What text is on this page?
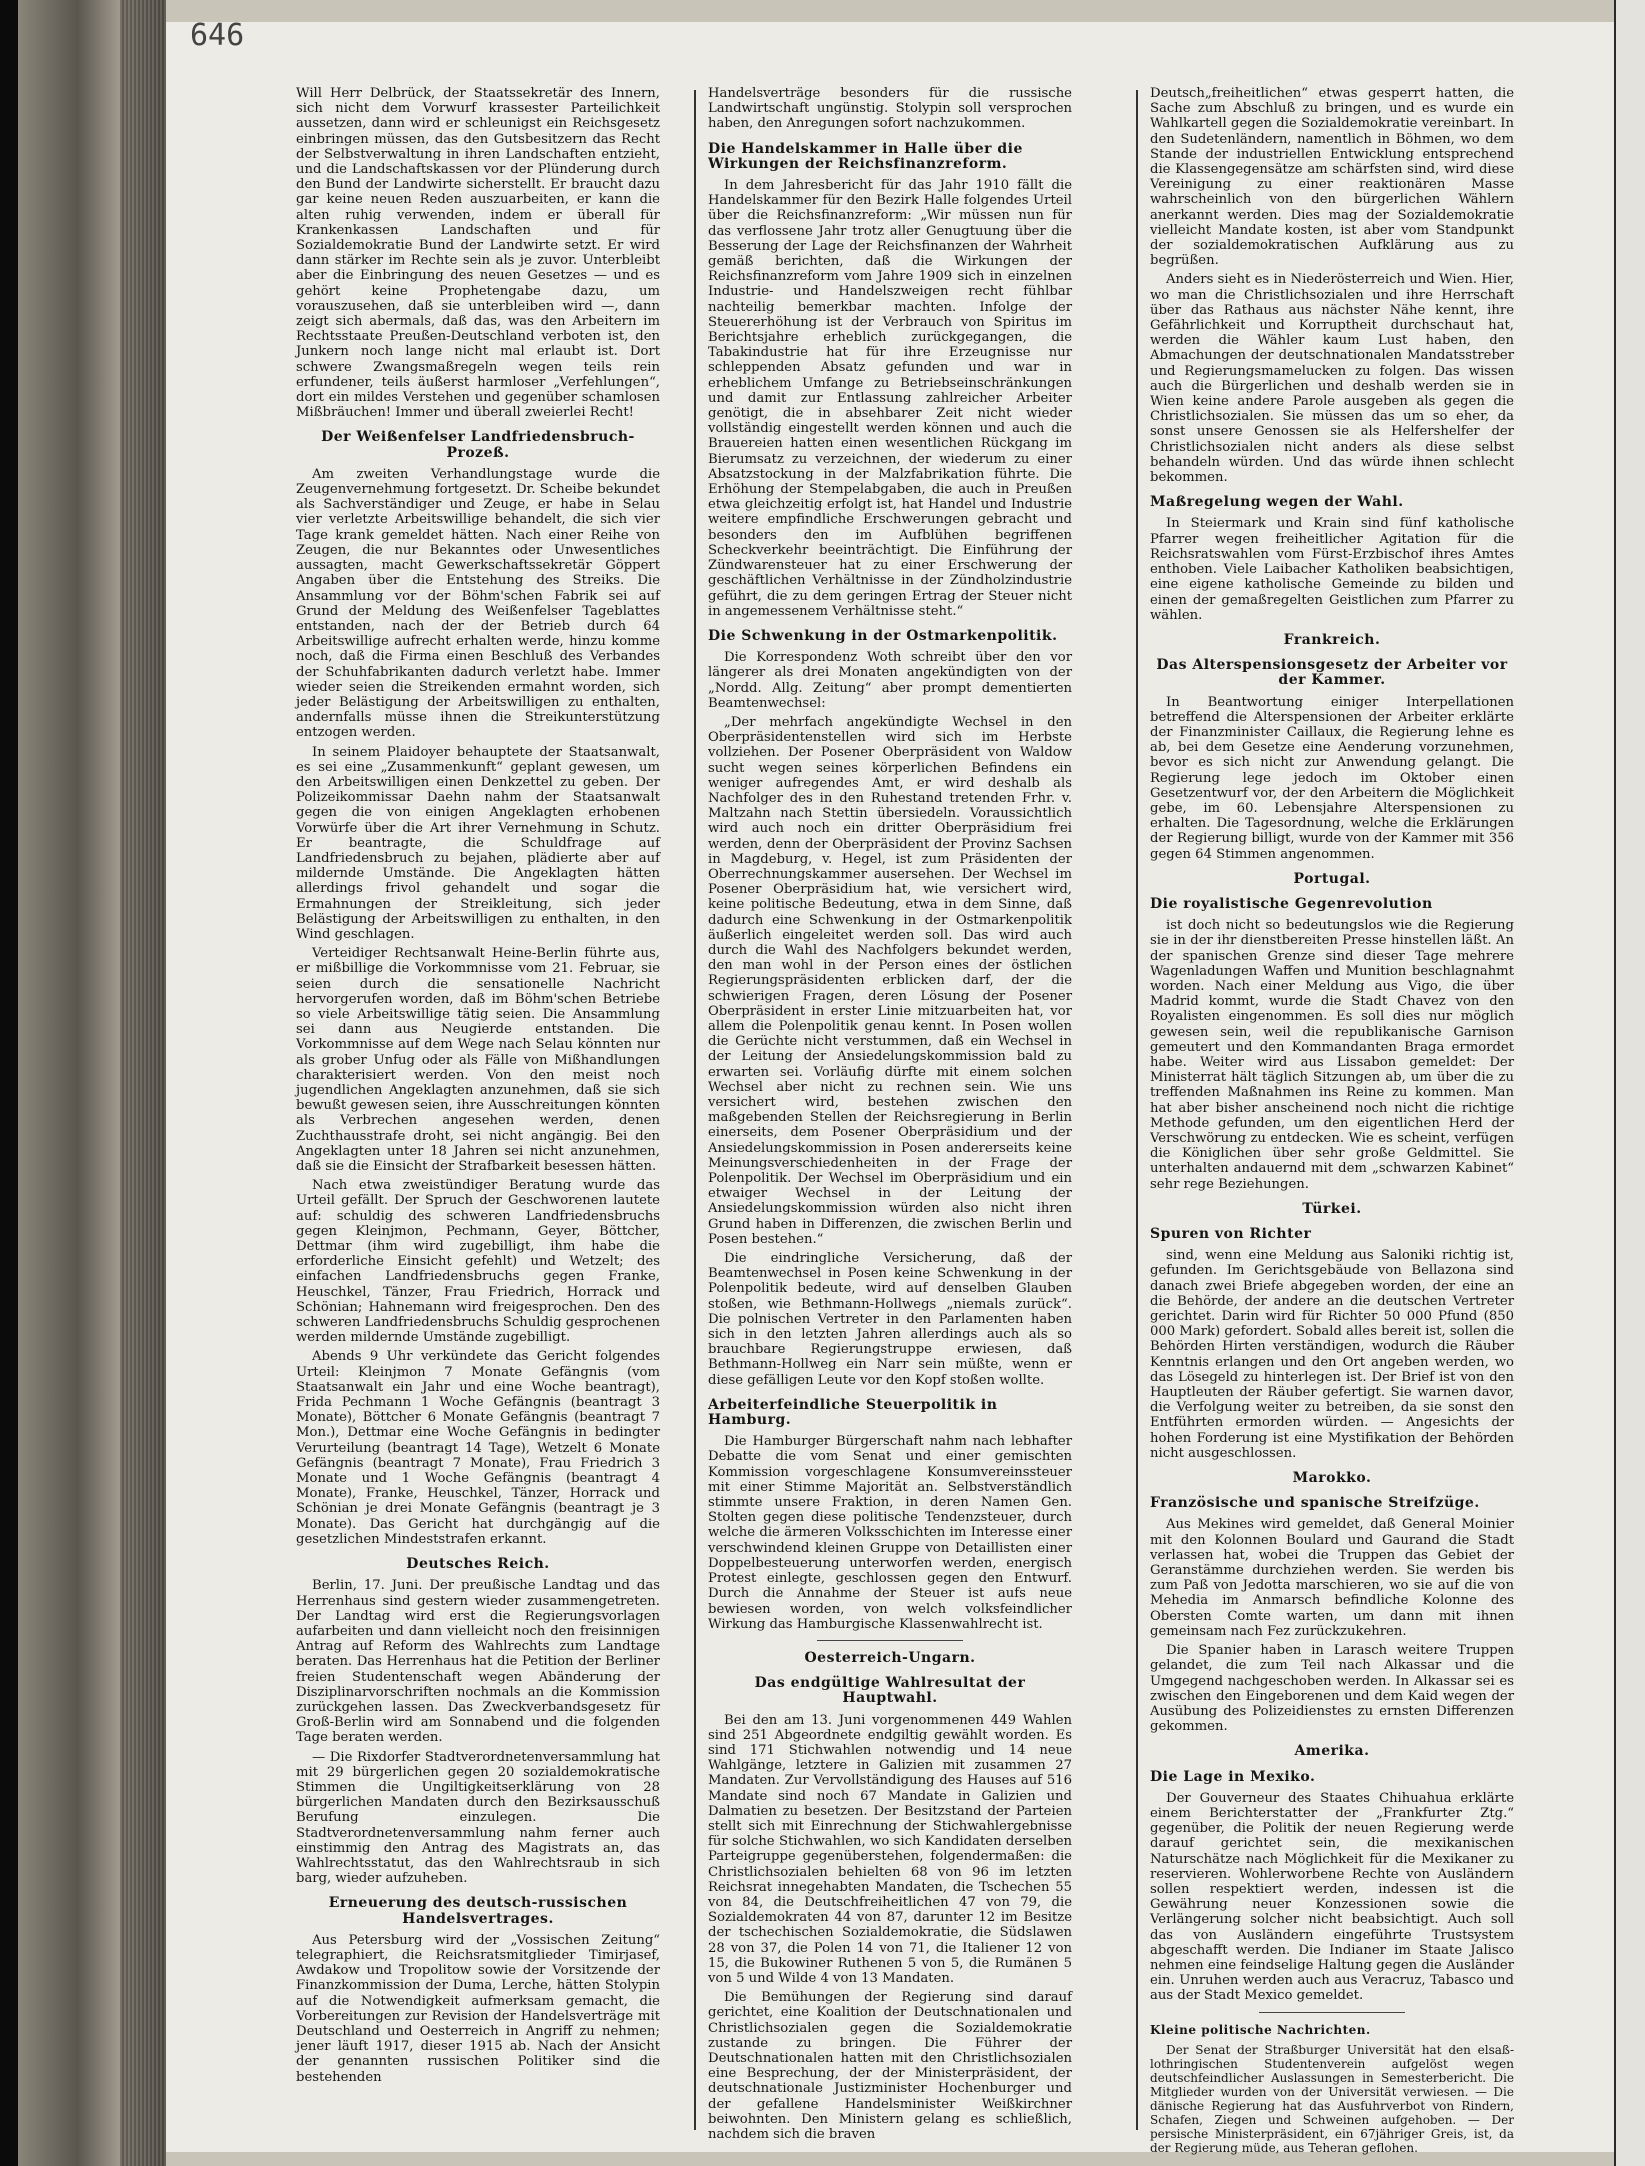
646

Will Herr Delbrück, der Staatssekretär des Innern, sich nicht dem Vorwurf krassester Parteilichkeit aussetzen, dann wird er schleunigst ein Reichsgesetz einbringen müssen, das den Gutsbesitzern das Recht der Selbstverwaltung in ihren Landschaften entzieht, und die Landschaftskassen vor der Plünderung durch den Bund der Landwirte sicherstellt. Er braucht dazu gar keine neuen Reden auszuarbeiten, er kann die alten ruhig verwenden, indem er überall für Krankenkassen Landschaften und für Sozialdemokratie Bund der Landwirte setzt. Er wird dann stärker im Rechte sein als je zuvor. Unterbleibt aber die Einbringung des neuen Gesetzes — und es gehört keine Prophetengabe dazu, um vorauszusehen, daß sie unterbleiben wird —, dann zeigt sich abermals, daß das, was den Arbeitern im Rechtsstaate Preußen-Deutschland verboten ist, den Junkern noch lange nicht mal erlaubt ist. Dort schwere Zwangsmaßregeln wegen teils rein erfundener, teils äußerst harmloser „Verfehlungen“, dort ein mildes Verstehen und gegenüber schamlosen Mißbräuchen! Immer und überall zweierlei Recht!

Der Weißenfelser Landfriedensbruch-Prozeß.

Am zweiten Verhandlungstage wurde die Zeugenvernehmung fortgesetzt. Dr. Scheibe bekundet als Sachverständiger und Zeuge, er habe in Selau vier verletzte Arbeitswillige behandelt, die sich vier Tage krank gemeldet hätten. Nach einer Reihe von Zeugen, die nur Bekanntes oder Unwesentliches aussagten, macht Gewerkschaftssekretär Göppert Angaben über die Entstehung des Streiks. Die Ansammlung vor der Böhm'schen Fabrik sei auf Grund der Meldung des Weißenfelser Tageblattes entstanden, nach der der Betrieb durch 64 Arbeitswillige aufrecht erhalten werde, hinzu komme noch, daß die Firma einen Beschluß des Verbandes der Schuhfabrikanten dadurch verletzt habe. Immer wieder seien die Streikenden ermahnt worden, sich jeder Belästigung der Arbeitswilligen zu enthalten, andernfalls müsse ihnen die Streikunterstützung entzogen werden.

In seinem Plaidoyer behauptete der Staatsanwalt, es sei eine „Zusammenkunft“ geplant gewesen, um den Arbeitswilligen einen Denkzettel zu geben. Der Polizeikommissar Daehn nahm der Staatsanwalt gegen die von einigen Angeklagten erhobenen Vorwürfe über die Art ihrer Vernehmung in Schutz. Er beantragte, die Schuldfrage auf Landfriedensbruch zu bejahen, plädierte aber auf mildernde Umstände. Die Angeklagten hätten allerdings frivol gehandelt und sogar die Ermahnungen der Streikleitung, sich jeder Belästigung der Arbeitswilligen zu enthalten, in den Wind geschlagen.

Verteidiger Rechtsanwalt Heine-Berlin führte aus, er mißbillige die Vorkommnisse vom 21. Februar, sie seien durch die sensationelle Nachricht hervorgerufen worden, daß im Böhm'schen Betriebe so viele Arbeitswillige tätig seien. Die Ansammlung sei dann aus Neugierde entstanden. Die Vorkommnisse auf dem Wege nach Selau könnten nur als grober Unfug oder als Fälle von Mißhandlungen charakterisiert werden. Von den meist noch jugendlichen Angeklagten anzunehmen, daß sie sich bewußt gewesen seien, ihre Ausschreitungen könnten als Verbrechen angesehen werden, denen Zuchthausstrafe droht, sei nicht angängig. Bei den Angeklagten unter 18 Jahren sei nicht anzunehmen, daß sie die Einsicht der Strafbarkeit besessen hätten.

Nach etwa zweistündiger Beratung wurde das Urteil gefällt. Der Spruch der Geschworenen lautete auf: schuldig des schweren Landfriedensbruchs gegen Kleinjmon, Pechmann, Geyer, Böttcher, Dettmar (ihm wird zugebilligt, ihm habe die erforderliche Einsicht gefehlt) und Wetzelt; des einfachen Landfriedensbruchs gegen Franke, Heuschkel, Tänzer, Frau Friedrich, Horrack und Schönian; Hahnemann wird freigesprochen. Den des schweren Landfriedensbruchs Schuldig gesprochenen werden mildernde Umstände zugebilligt.

Abends 9 Uhr verkündete das Gericht folgendes Urteil: Kleinjmon 7 Monate Gefängnis (vom Staatsanwalt ein Jahr und eine Woche beantragt), Frida Pechmann 1 Woche Gefängnis (beantragt 3 Monate), Böttcher 6 Monate Gefängnis (beantragt 7 Mon.), Dettmar eine Woche Gefängnis in bedingter Verurteilung (beantragt 14 Tage), Wetzelt 6 Monate Gefängnis (beantragt 7 Monate), Frau Friedrich 3 Monate und 1 Woche Gefängnis (beantragt 4 Monate), Franke, Heuschkel, Tänzer, Horrack und Schönian je drei Monate Gefängnis (beantragt je 3 Monate). Das Gericht hat durchgängig auf die gesetzlichen Mindeststrafen erkannt.

Deutsches Reich.

Berlin, 17. Juni. Der preußische Landtag und das Herrenhaus sind gestern wieder zusammengetreten. Der Landtag wird erst die Regierungsvorlagen aufarbeiten und dann vielleicht noch den freisinnigen Antrag auf Reform des Wahlrechts zum Landtage beraten. Das Herrenhaus hat die Petition der Berliner freien Studentenschaft wegen Abänderung der Disziplinarvorschriften nochmals an die Kommission zurückgehen lassen. Das Zweckverbandsgesetz für Groß-Berlin wird am Sonnabend und die folgenden Tage beraten werden.

— Die Rixdorfer Stadtverordnetenversammlung hat mit 29 bürgerlichen gegen 20 sozialdemokratische Stimmen die Ungiltigkeitserklärung von 28 bürgerlichen Mandaten durch den Bezirksausschuß Berufung einzulegen. Die Stadtverordnetenversammlung nahm ferner auch einstimmig den Antrag des Magistrats an, das Wahlrechtsstatut, das den Wahlrechtsraub in sich barg, wieder aufzuheben.

Erneuerung des deutsch-russischen Handelsvertrages.

Aus Petersburg wird der „Vossischen Zeitung“ telegraphiert, die Reichsratsmitglieder Timirjasef, Awdakow und Tropolitow sowie der Vorsitzende der Finanzkommission der Duma, Lerche, hätten Stolypin auf die Notwendigkeit aufmerksam gemacht, die Vorbereitungen zur Revision der Handelsverträge mit Deutschland und Oesterreich in Angriff zu nehmen; jener läuft 1917, dieser 1915 ab. Nach der Ansicht der genannten russischen Politiker sind die bestehenden

Handelsverträge besonders für die russische Landwirtschaft ungünstig. Stolypin soll versprochen haben, den Anregungen sofort nachzukommen.

Die Handelskammer in Halle über die Wirkungen der Reichsfinanzreform.

In dem Jahresbericht für das Jahr 1910 fällt die Handelskammer für den Bezirk Halle folgendes Urteil über die Reichsfinanzreform: „Wir müssen nun für das verflossene Jahr trotz aller Genugtuung über die Besserung der Lage der Reichsfinanzen der Wahrheit gemäß berichten, daß die Wirkungen der Reichsfinanzreform vom Jahre 1909 sich in einzelnen Industrie- und Handelszweigen recht fühlbar nachteilig bemerkbar machten. Infolge der Steuererhöhung ist der Verbrauch von Spiritus im Berichtsjahre erheblich zurückgegangen, die Tabakindustrie hat für ihre Erzeugnisse nur schleppenden Absatz gefunden und war in erheblichem Umfange zu Betriebseinschränkungen und damit zur Entlassung zahlreicher Arbeiter genötigt, die in absehbarer Zeit nicht wieder vollständig eingestellt werden können und auch die Brauereien hatten einen wesentlichen Rückgang im Bierumsatz zu verzeichnen, der wiederum zu einer Absatzstockung in der Malzfabrikation führte. Die Erhöhung der Stempelabgaben, die auch in Preußen etwa gleichzeitig erfolgt ist, hat Handel und Industrie weitere empfindliche Erschwerungen gebracht und besonders den im Aufblühen begriffenen Scheckverkehr beeinträchtigt. Die Einführung der Zündwarensteuer hat zu einer Erschwerung der geschäftlichen Verhältnisse in der Zündholzindustrie geführt, die zu dem geringen Ertrag der Steuer nicht in angemessenem Verhältnisse steht.“

Die Schwenkung in der Ostmarkenpolitik.

Die Korrespondenz Woth schreibt über den vor längerer als drei Monaten angekündigten von der „Nordd. Allg. Zeitung“ aber prompt dementierten Beamtenwechsel:

„Der mehrfach angekündigte Wechsel in den Oberpräsidentenstellen wird sich im Herbste vollziehen. Der Posener Oberpräsident von Waldow sucht wegen seines körperlichen Befindens ein weniger aufregendes Amt, er wird deshalb als Nachfolger des in den Ruhestand tretenden Frhr. v. Maltzahn nach Stettin übersiedeln. Voraussichtlich wird auch noch ein dritter Oberpräsidium frei werden, denn der Oberpräsident der Provinz Sachsen in Magdeburg, v. Hegel, ist zum Präsidenten der Oberrechnungskammer ausersehen. Der Wechsel im Posener Oberpräsidium hat, wie versichert wird, keine politische Bedeutung, etwa in dem Sinne, daß dadurch eine Schwenkung in der Ostmarkenpolitik äußerlich eingeleitet werden soll. Das wird auch durch die Wahl des Nachfolgers bekundet werden, den man wohl in der Person eines der östlichen Regierungspräsidenten erblicken darf, der die schwierigen Fragen, deren Lösung der Posener Oberpräsident in erster Linie mitzuarbeiten hat, vor allem die Polenpolitik genau kennt. In Posen wollen die Gerüchte nicht verstummen, daß ein Wechsel in der Leitung der Ansiedelungskommission bald zu erwarten sei. Vorläufig dürfte mit einem solchen Wechsel aber nicht zu rechnen sein. Wie uns versichert wird, bestehen zwischen den maßgebenden Stellen der Reichsregierung in Berlin einerseits, dem Posener Oberpräsidium und der Ansiedelungskommission in Posen andererseits keine Meinungsverschiedenheiten in der Frage der Polenpolitik. Der Wechsel im Oberpräsidium und ein etwaiger Wechsel in der Leitung der Ansiedelungskommission würden also nicht ihren Grund haben in Differenzen, die zwischen Berlin und Posen bestehen.“

Die eindringliche Versicherung, daß der Beamtenwechsel in Posen keine Schwenkung in der Polenpolitik bedeute, wird auf denselben Glauben stoßen, wie Bethmann-Hollwegs „niemals zurück“. Die polnischen Vertreter in den Parlamenten haben sich in den letzten Jahren allerdings auch als so brauchbare Regierungstruppe erwiesen, daß Bethmann-Hollweg ein Narr sein müßte, wenn er diese gefälligen Leute vor den Kopf stoßen wollte.

Arbeiterfeindliche Steuerpolitik in Hamburg.

Die Hamburger Bürgerschaft nahm nach lebhafter Debatte die vom Senat und einer gemischten Kommission vorgeschlagene Konsumvereinssteuer mit einer Stimme Majorität an. Selbstverständlich stimmte unsere Fraktion, in deren Namen Gen. Stolten gegen diese politische Tendenzsteuer, durch welche die ärmeren Volksschichten im Interesse einer verschwindend kleinen Gruppe von Detaillisten einer Doppelbesteuerung unterworfen werden, energisch Protest einlegte, geschlossen gegen den Entwurf. Durch die Annahme der Steuer ist aufs neue bewiesen worden, von welch volksfeindlicher Wirkung das Hamburgische Klassenwahlrecht ist.

Oesterreich-Ungarn.
Das endgültige Wahlresultat der Hauptwahl.

Bei den am 13. Juni vorgenommenen 449 Wahlen sind 251 Abgeordnete endgiltig gewählt worden. Es sind 171 Stichwahlen notwendig und 14 neue Wahlgänge, letztere in Galizien mit zusammen 27 Mandaten. Zur Vervollständigung des Hauses auf 516 Mandate sind noch 67 Mandate in Galizien und Dalmatien zu besetzen. Der Besitzstand der Parteien stellt sich mit Einrechnung der Stichwahlergebnisse für solche Stichwahlen, wo sich Kandidaten derselben Parteigruppe gegenüberstehen, folgendermaßen: die Christlichsozialen behielten 68 von 96 im letzten Reichsrat innegehabten Mandaten, die Tschechen 55 von 84, die Deutschfreiheitlichen 47 von 79, die Sozialdemokraten 44 von 87, darunter 12 im Besitze der tschechischen Sozialdemokratie, die Südslawen 28 von 37, die Polen 14 von 71, die Italiener 12 von 15, die Bukowiner Ruthenen 5 von 5, die Rumänen 5 von 5 und Wilde 4 von 13 Mandaten.

Die Bemühungen der Regierung sind darauf gerichtet, eine Koalition der Deutschnationalen und Christlichsozialen gegen die Sozialdemokratie zustande zu bringen. Die Führer der Deutschnationalen hatten mit den Christlichsozialen eine Besprechung, der der Ministerpräsident, der deutschnationale Justizminister Hochenburger und der gefallene Handelsminister Weißkirchner beiwohnten. Den Ministern gelang es schließlich, nachdem sich die braven

Deutsch„freiheitlichen“ etwas gesperrt hatten, die Sache zum Abschluß zu bringen, und es wurde ein Wahlkartell gegen die Sozialdemokratie vereinbart. In den Sudetenländern, namentlich in Böhmen, wo dem Stande der industriellen Entwicklung entsprechend die Klassengegensätze am schärfsten sind, wird diese Vereinigung zu einer reaktionären Masse wahrscheinlich von den bürgerlichen Wählern anerkannt werden. Dies mag der Sozialdemokratie vielleicht Mandate kosten, ist aber vom Standpunkt der sozialdemokratischen Aufklärung aus zu begrüßen.

Anders sieht es in Niederösterreich und Wien. Hier, wo man die Christlichsozialen und ihre Herrschaft über das Rathaus aus nächster Nähe kennt, ihre Gefährlichkeit und Korruptheit durchschaut hat, werden die Wähler kaum Lust haben, den Abmachungen der deutschnationalen Mandatsstreber und Regierungsmamelucken zu folgen. Das wissen auch die Bürgerlichen und deshalb werden sie in Wien keine andere Parole ausgeben als gegen die Christlichsozialen. Sie müssen das um so eher, da sonst unsere Genossen sie als Helfershelfer der Christlichsozialen nicht anders als diese selbst behandeln würden. Und das würde ihnen schlecht bekommen.

Maßregelung wegen der Wahl.

In Steiermark und Krain sind fünf katholische Pfarrer wegen freiheitlicher Agitation für die Reichsratswahlen vom Fürst-Erzbischof ihres Amtes enthoben. Viele Laibacher Katholiken beabsichtigen, eine eigene katholische Gemeinde zu bilden und einen der gemaßregelten Geistlichen zum Pfarrer zu wählen.

Frankreich.
Das Alterspensionsgesetz der Arbeiter vor der Kammer.

In Beantwortung einiger Interpellationen betreffend die Alterspensionen der Arbeiter erklärte der Finanzminister Caillaux, die Regierung lehne es ab, bei dem Gesetze eine Aenderung vorzunehmen, bevor es sich nicht zur Anwendung gelangt. Die Regierung lege jedoch im Oktober einen Gesetzentwurf vor, der den Arbeitern die Möglichkeit gebe, im 60. Lebensjahre Alterspensionen zu erhalten. Die Tagesordnung, welche die Erklärungen der Regierung billigt, wurde von der Kammer mit 356 gegen 64 Stimmen angenommen.

Portugal.
Die royalistische Gegenrevolution

ist doch nicht so bedeutungslos wie die Regierung sie in der ihr dienstbereiten Presse hinstellen läßt. An der spanischen Grenze sind dieser Tage mehrere Wagenladungen Waffen und Munition beschlagnahmt worden. Nach einer Meldung aus Vigo, die über Madrid kommt, wurde die Stadt Chavez von den Royalisten eingenommen. Es soll dies nur möglich gewesen sein, weil die republikanische Garnison gemeutert und den Kommandanten Braga ermordet habe. Weiter wird aus Lissabon gemeldet: Der Ministerrat hält täglich Sitzungen ab, um über die zu treffenden Maßnahmen ins Reine zu kommen. Man hat aber bisher anscheinend noch nicht die richtige Methode gefunden, um den eigentlichen Herd der Verschwörung zu entdecken. Wie es scheint, verfügen die Königlichen über sehr große Geldmittel. Sie unterhalten andauernd mit dem „schwarzen Kabinet“ sehr rege Beziehungen.

Türkei.
Spuren von Richter

sind, wenn eine Meldung aus Saloniki richtig ist, gefunden. Im Gerichtsgebäude von Bellazona sind danach zwei Briefe abgegeben worden, der eine an die Behörde, der andere an die deutschen Vertreter gerichtet. Darin wird für Richter 50 000 Pfund (850 000 Mark) gefordert. Sobald alles bereit ist, sollen die Behörden Hirten verständigen, wodurch die Räuber Kenntnis erlangen und den Ort angeben werden, wo das Lösegeld zu hinterlegen ist. Der Brief ist von den Hauptleuten der Räuber gefertigt. Sie warnen davor, die Verfolgung weiter zu betreiben, da sie sonst den Entführten ermorden würden. — Angesichts der hohen Forderung ist eine Mystifikation der Behörden nicht ausgeschlossen.

Marokko.
Französische und spanische Streifzüge.

Aus Mekines wird gemeldet, daß General Moinier mit den Kolonnen Boulard und Gaurand die Stadt verlassen hat, wobei die Truppen das Gebiet der Geranstämme durchziehen werden. Sie werden bis zum Paß von Jedotta marschieren, wo sie auf die von Mehedia im Anmarsch befindliche Kolonne des Obersten Comte warten, um dann mit ihnen gemeinsam nach Fez zurückzukehren.

Die Spanier haben in Larasch weitere Truppen gelandet, die zum Teil nach Alkassar und die Umgegend nachgeschoben werden. In Alkassar sei es zwischen den Eingeborenen und dem Kaid wegen der Ausübung des Polizeidienstes zu ernsten Differenzen gekommen.

Amerika.
Die Lage in Mexiko.

Der Gouverneur des Staates Chihuahua erklärte einem Berichterstatter der „Frankfurter Ztg.“ gegenüber, die Politik der neuen Regierung werde darauf gerichtet sein, die mexikanischen Naturschätze nach Möglichkeit für die Mexikaner zu reservieren. Wohlerworbene Rechte von Ausländern sollen respektiert werden, indessen ist die Gewährung neuer Konzessionen sowie die Verlängerung solcher nicht beabsichtigt. Auch soll das von Ausländern eingeführte Trustsystem abgeschafft werden. Die Indianer im Staate Jalisco nehmen eine feindselige Haltung gegen die Ausländer ein. Unruhen werden auch aus Veracruz, Tabasco und aus der Stadt Mexico gemeldet.

Kleine politische Nachrichten.

Der Senat der Straßburger Universität hat den elsaß-lothringischen Studentenverein aufgelöst wegen deutschfeindlicher Auslassungen in Semesterbericht. Die Mitglieder wurden von der Universität verwiesen. — Die dänische Regierung hat das Ausfuhrverbot von Rindern, Schafen, Ziegen und Schweinen aufgehoben. — Der persische Ministerpräsident, ein 67jähriger Greis, ist, da der Regierung müde, aus Teheran geflohen.
